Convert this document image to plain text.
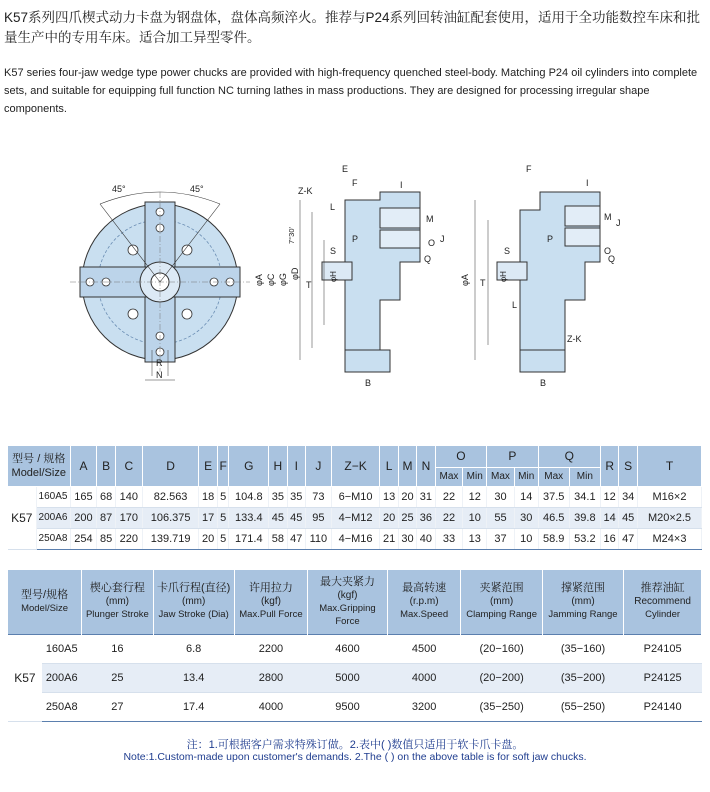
K57系列四爪楔式动力卡盘为钢盘体，盘体高频淬火。推荐与P24系列回转油缸配套使用，适用于全功能数控车床和批量生产中的专用车床。适合加工异型零件。
K57 series four-jaw wedge type power chucks are provided with high-frequency quenched steel-body. Matching P24 oil cylinders into complete sets, and suitable for equipping full function NC turning lathes in mass productions. They are designed for processing irregular shape components.
45°	45°
R
N
φA φC φG φD
7°30'
E
F
Z-K
L
I
M
J
O
P
Q
S
T
φH
B
φA
F
I
M
J
O
P
S
T
L
Q
Z-K
φH
B
型号 / 规格
Model/Size		A	B	C	D	E	F	G	H	I	J	Z−K	L	M	N	O		P		Q		R	S	T
																Max	Min	Max	Min	Max	Min			
K57	160A5	165	68	140	82.563	18	5	104.8	35	35	73	6−M10	13	20	31	22	12	30	14	37.5	34.1	12	34	M16×2
	200A6	200	87	170	106.375	17	5	133.4	45	45	95	4−M12	20	25	36	22	10	55	30	46.5	39.8	14	45	M20×2.5
	250A8	254	85	220	139.719	20	5	171.4	58	47	110	4−M16	21	30	40	33	13	37	10	58.9	53.2	16	47	M24×3
型号/规格
Model/Size		楔心套行程
(mm)
Plunger Stroke	卡爪行程(直径)
(mm)
Jaw Stroke (Dia)	许用拉力
(kgf)
Max.Pull Force	最大夹紧力
(kgf)
Max.Gripping Force	最高转速
(r.p.m)
Max.Speed	夹紧范围
(mm)
Clamping Range	撑紧范围
(mm)
Jamming Range	推荐油缸
Recommend
Cylinder

K57	160A5	16	6.8	2200	4600	4500	(20−160)	(35−160)	P24105
	200A6	25	13.4	2800	5000	4000	(20−200)	(35−200)	P24125
	250A8	27	17.4	4000	9500	3200	(35−250)	(55−250)	P24140
注：1.可根据客户需求特殊订做。2.表中( )数值只适用于软卡爪卡盘。
Note:1.Custom-made upon customer's demands. 2.The ( ) on the above table is for soft jaw chucks.
